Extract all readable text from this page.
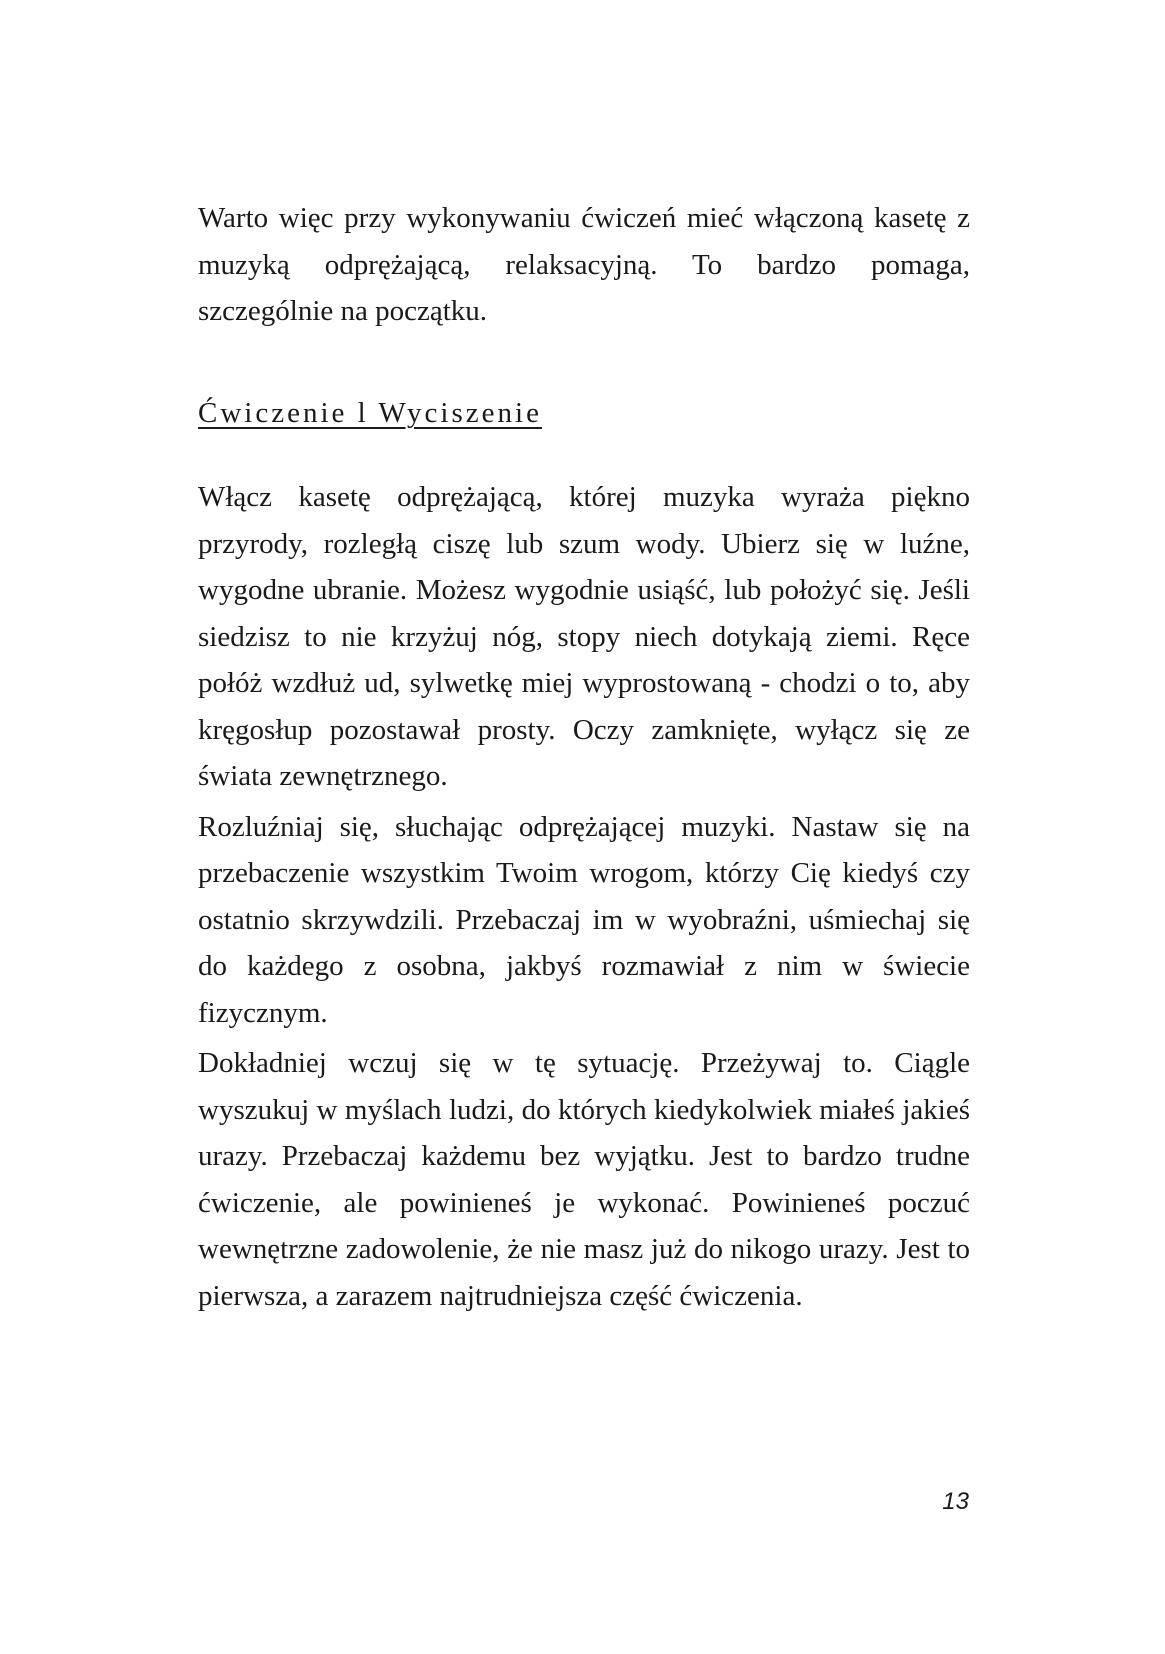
Warto więc przy wykonywaniu ćwiczeń mieć włączoną kasetę z muzyką odprężającą, relaksacyjną. To bardzo pomaga, szczególnie na początku.

Ćwiczenie l Wyciszenie

Włącz kasetę odprężającą, której muzyka wyraża piękno przyrody, rozległą ciszę lub szum wody. Ubierz się w luźne, wygodne ubranie. Możesz wygodnie usiąść, lub położyć się. Jeśli siedzisz to nie krzyżuj nóg, stopy niech dotykają ziemi. Ręce połóż wzdłuż ud, sylwetkę miej wyprostowaną - chodzi o to, aby kręgosłup pozostawał prosty. Oczy zamknięte, wyłącz się ze świata zewnętrznego.

Rozluźniaj się, słuchając odprężającej muzyki. Nastaw się na przebaczenie wszystkim Twoim wrogom, którzy Cię kiedyś czy ostatnio skrzywdzili. Przebaczaj im w wyobraźni, uśmiechaj się do każdego z osobna, jakbyś rozmawiał z nim w świecie fizycznym.

Dokładniej wczuj się w tę sytuację. Przeżywaj to. Ciągle wyszukuj w myślach ludzi, do których kiedykolwiek miałeś jakieś urazy. Przebaczaj każdemu bez wyjątku. Jest to bardzo trudne ćwiczenie, ale powinieneś je wykonać. Powinieneś poczuć wewnętrzne zadowolenie, że nie masz już do nikogo urazy. Jest to pierwsza, a zarazem najtrudniejsza część ćwiczenia.

13
